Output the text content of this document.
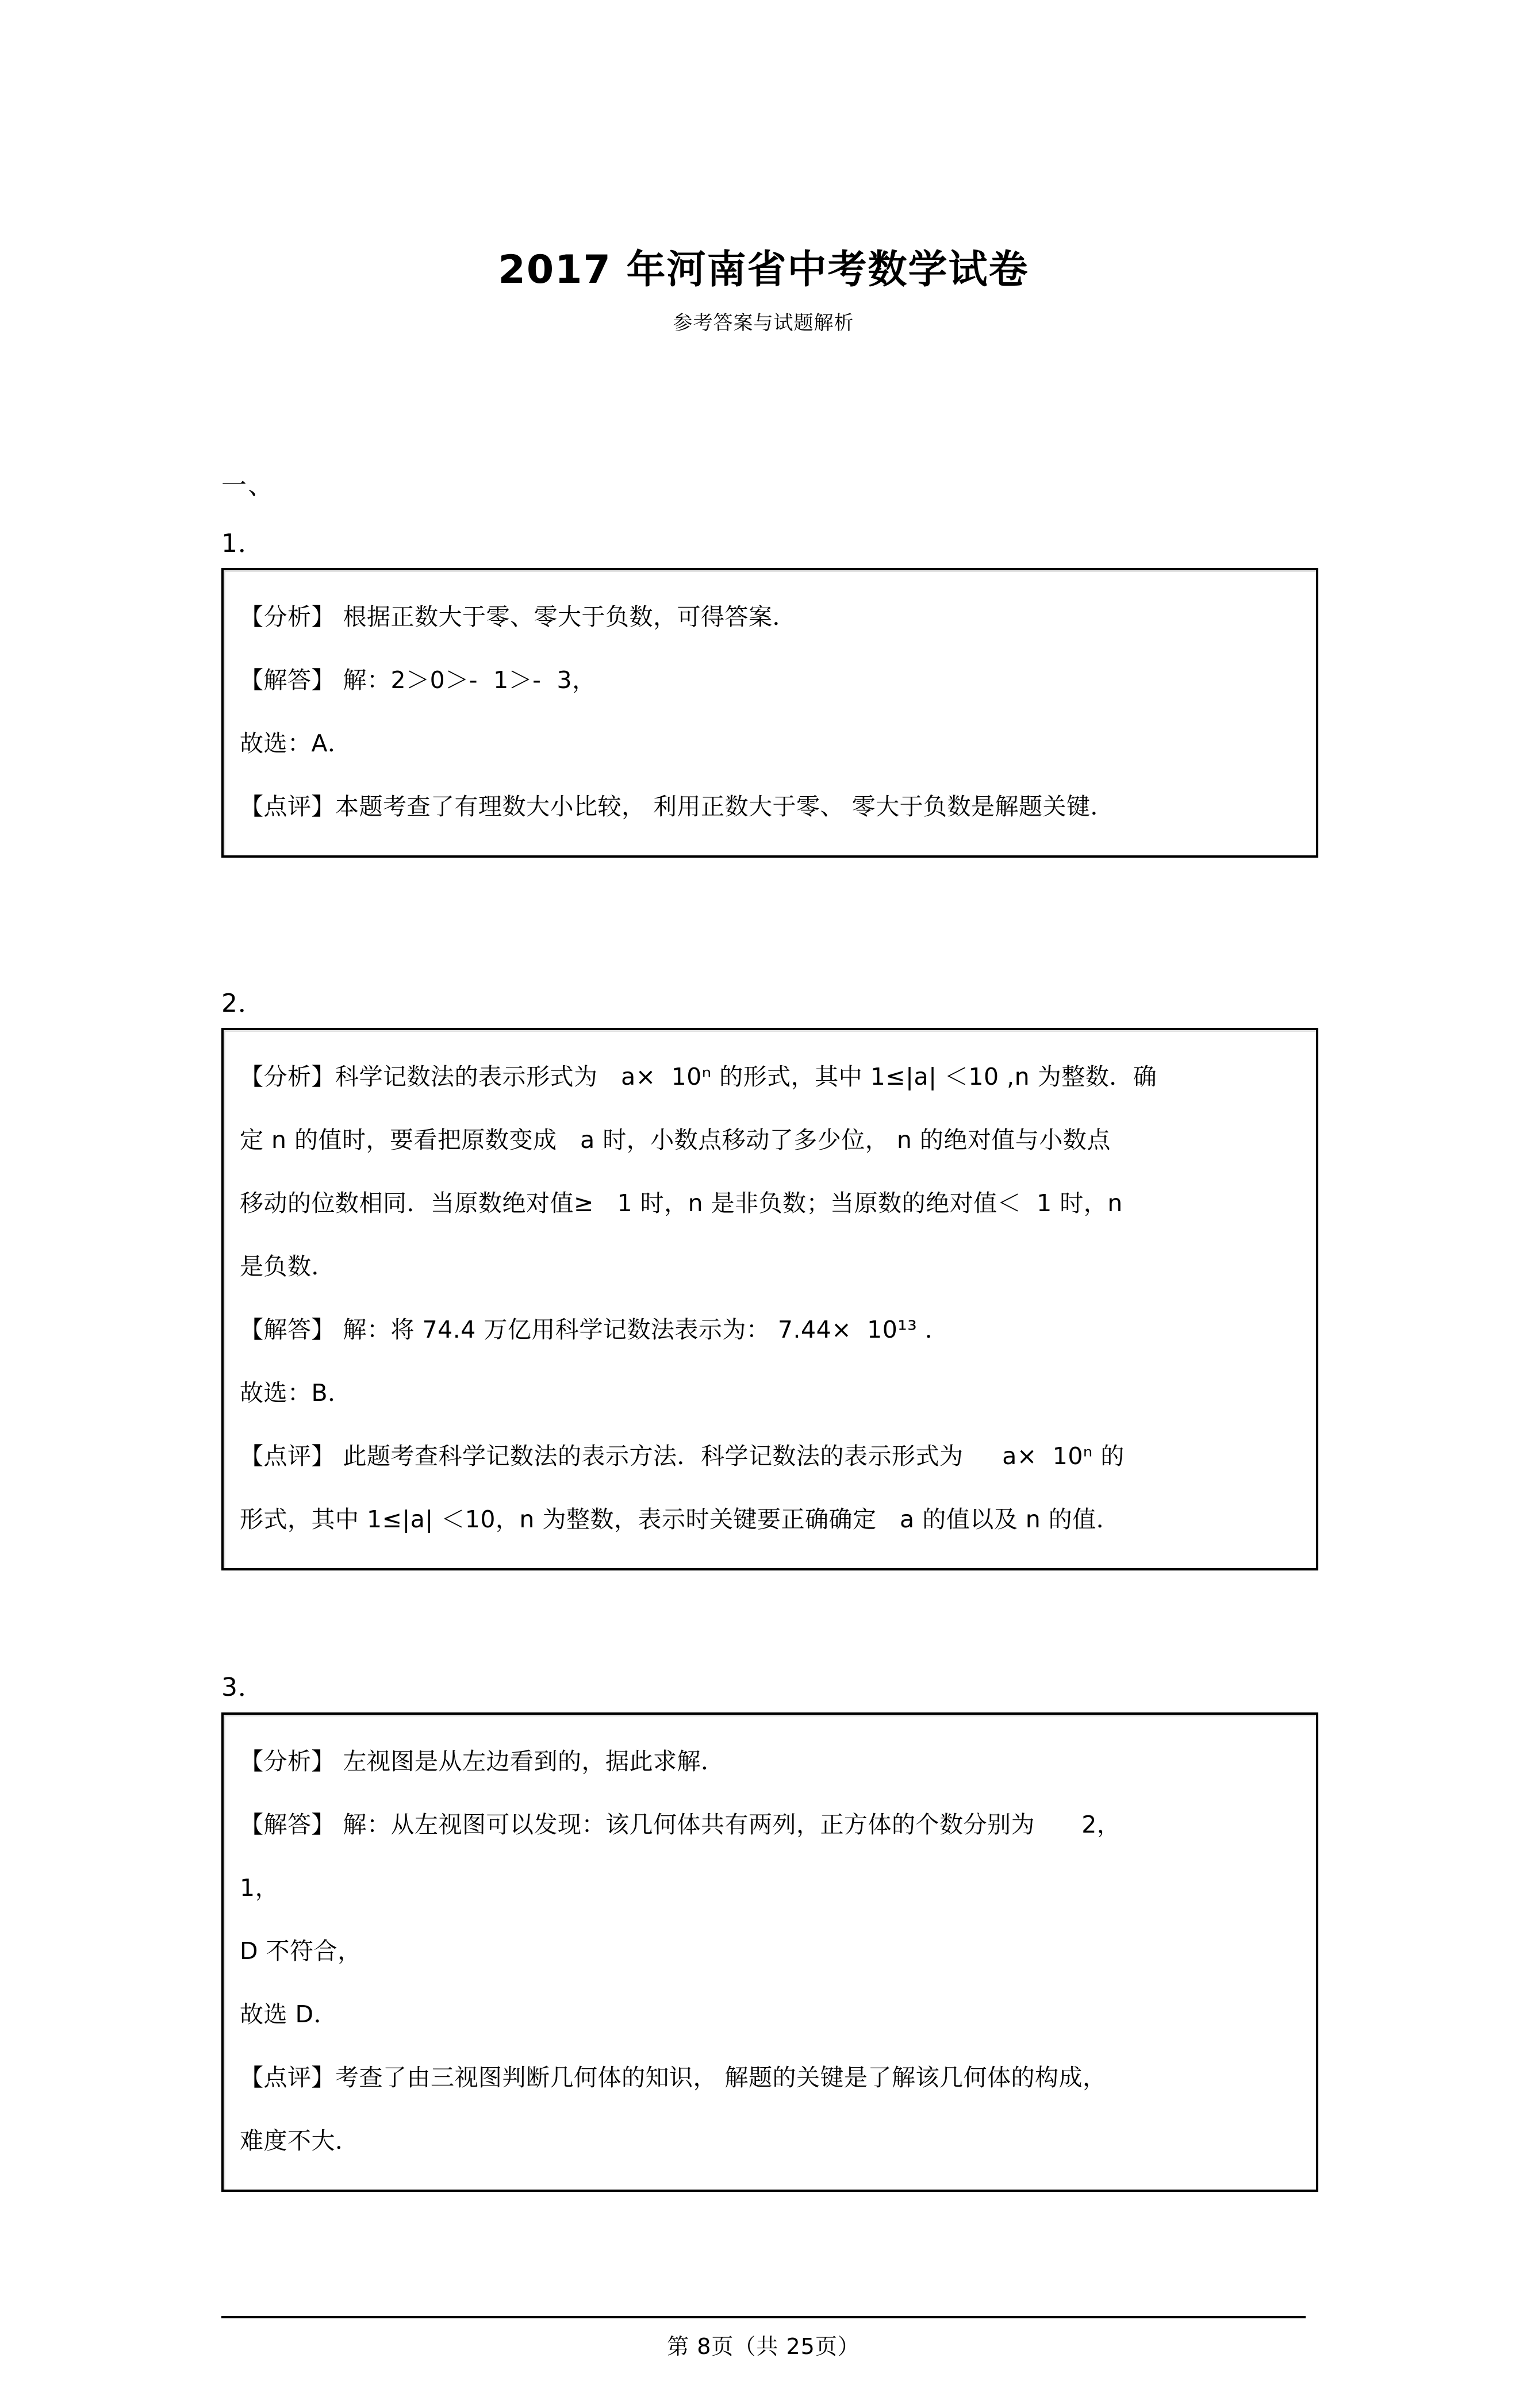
2017 年河南省中考数学试卷
参考答案与试题解析
一、
1．
【分析】 根据正数大于零、零大于负数，可得答案．
【解答】 解：2＞0＞-  1＞-  3，
故选：A．
【点评】本题考查了有理数大小比较， 利用正数大于零、 零大于负数是解题关键．
2．
【分析】科学记数法的表示形式为   a×  10ⁿ 的形式，其中 1≤|a| ＜10 ,n 为整数．确
定 n 的值时，要看把原数变成   a 时，小数点移动了多少位， n 的绝对值与小数点
移动的位数相同．当原数绝对值≥   1 时，n 是非负数；当原数的绝对值＜  1 时，n
是负数．
【解答】 解：将 74.4 万亿用科学记数法表示为： 7.44×  10¹³ ．
故选：B．
【点评】 此题考查科学记数法的表示方法．科学记数法的表示形式为     a×  10ⁿ 的
形式，其中 1≤|a| ＜10，n 为整数，表示时关键要正确确定   a 的值以及 n 的值．
3．
【分析】 左视图是从左边看到的，据此求解．
【解答】 解：从左视图可以发现：该几何体共有两列，正方体的个数分别为      2，
1，
D 不符合，
故选 D．
【点评】考查了由三视图判断几何体的知识， 解题的关键是了解该几何体的构成，
难度不大．
第 8页（共 25页）
